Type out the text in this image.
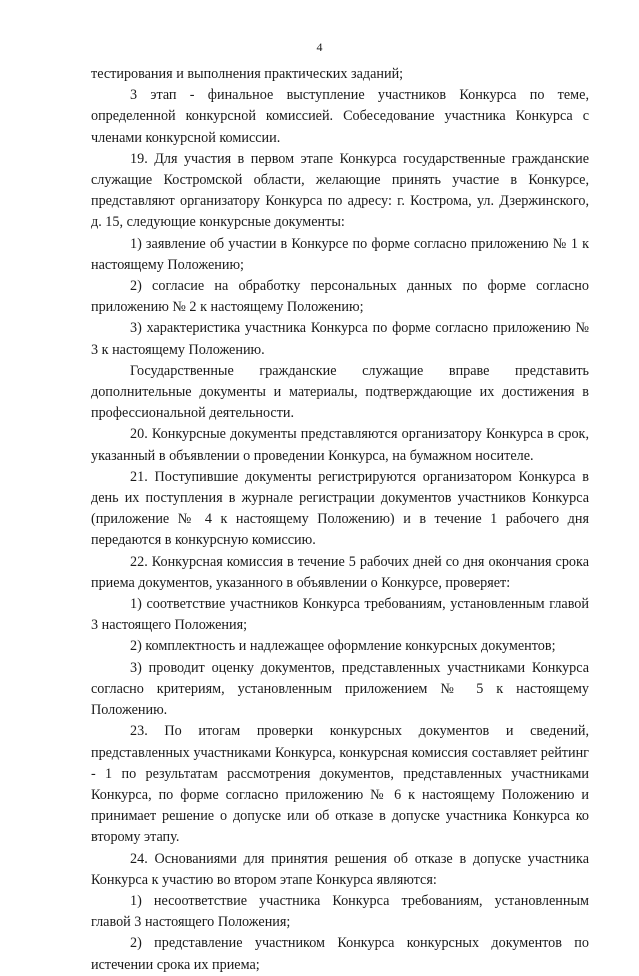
4

тестирования и выполнения практических заданий;

3 этап - финальное выступление участников Конкурса по теме, определенной конкурсной комиссией. Собеседование участника Конкурса с членами конкурсной комиссии.

19. Для участия в первом этапе Конкурса государственные гражданские служащие Костромской области, желающие принять участие в Конкурсе, представляют организатору Конкурса по адресу: г. Кострома, ул. Дзержинского, д. 15, следующие конкурсные документы:

1) заявление об участии в Конкурсе по форме согласно приложению № 1 к настоящему Положению;

2) согласие на обработку персональных данных по форме согласно приложению № 2 к настоящему Положению;

3) характеристика участника Конкурса по форме согласно приложению № 3 к настоящему Положению.

Государственные гражданские служащие вправе представить дополнительные документы и материалы, подтверждающие их достижения в профессиональной деятельности.

20. Конкурсные документы представляются организатору Конкурса в срок, указанный в объявлении о проведении Конкурса, на бумажном носителе.

21. Поступившие документы регистрируются организатором Конкурса в день их поступления в журнале регистрации документов участников Конкурса (приложение № 4 к настоящему Положению) и в течение 1 рабочего дня передаются в конкурсную комиссию.

22. Конкурсная комиссия в течение 5 рабочих дней со дня окончания срока приема документов, указанного в объявлении о Конкурсе, проверяет:

1) соответствие участников Конкурса требованиям, установленным главой 3 настоящего Положения;

2) комплектность и надлежащее оформление конкурсных документов;

3) проводит оценку документов, представленных участниками Конкурса согласно критериям, установленным приложением № 5 к настоящему Положению.

23. По итогам проверки конкурсных документов и сведений, представленных участниками Конкурса, конкурсная комиссия составляет рейтинг - 1 по результатам рассмотрения документов, представленных участниками Конкурса, по форме согласно приложению № 6 к настоящему Положению и принимает решение о допуске или об отказе в допуске участника Конкурса ко второму этапу.

24. Основаниями для принятия решения об отказе в допуске участника Конкурса к участию во втором этапе Конкурса являются:

1) несоответствие участника Конкурса требованиям, установленным главой 3 настоящего Положения;

2) представление участником Конкурса конкурсных документов по истечении срока их приема;
